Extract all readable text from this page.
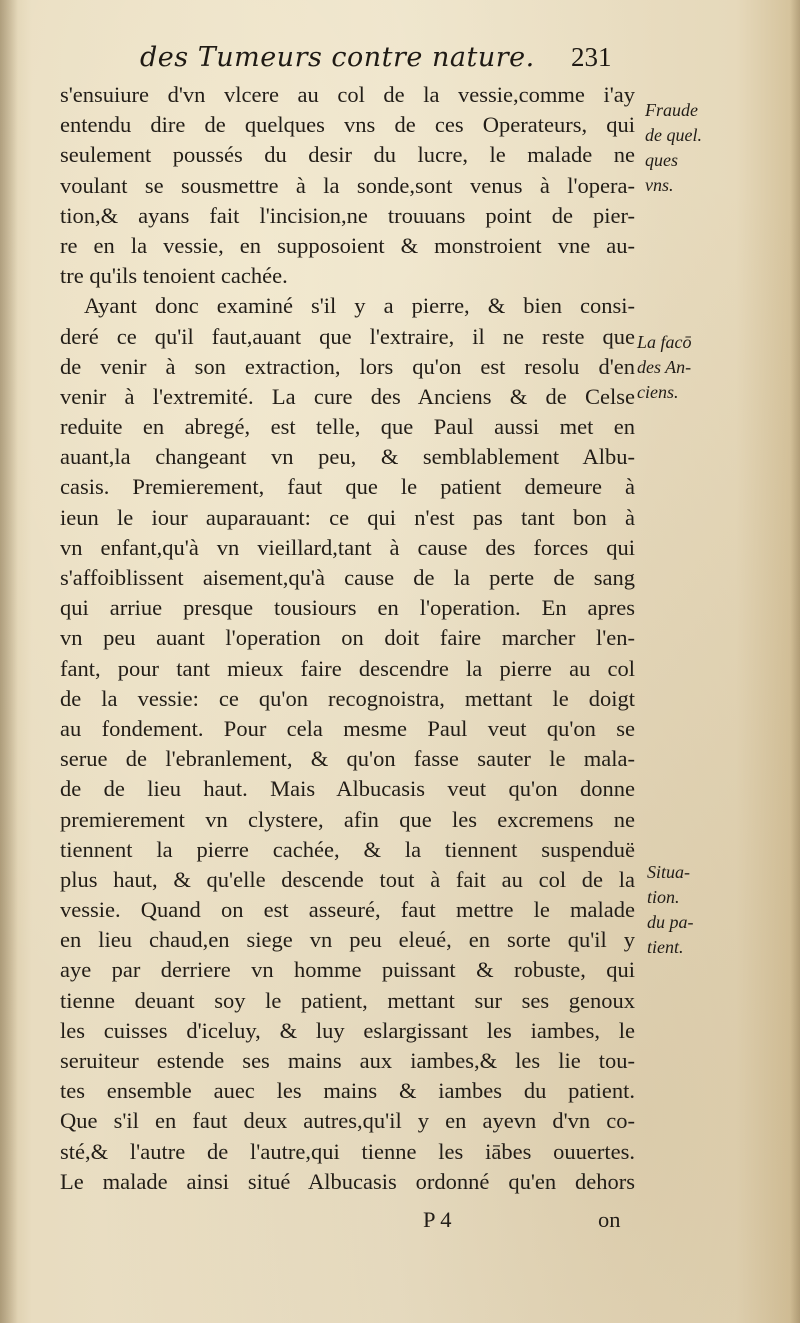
des Tumeurs contre nature. 231
s'ensuiure d'vn vlcere au col de la vessie,comme i'ay
entendu dire de quelques vns de ces Operateurs, qui
seulement poussés du desir du lucre, le malade ne
voulant se sousmettre à la sonde,sont venus à l'opera-
tion,& ayans fait l'incision,ne trouuans point de pier-
re en la vessie, en supposoient & monstroient vne au-
tre qu'ils tenoient cachée.
Ayant donc examiné s'il y a pierre, & bien consi-
deré ce qu'il faut,auant que l'extraire, il ne reste que
de venir à son extraction, lors qu'on est resolu d'en
venir à l'extremité. La cure des Anciens & de Celse
reduite en abregé, est telle, que Paul aussi met en
auant,la changeant vn peu, & semblablement Albu-
casis. Premierement, faut que le patient demeure à
ieun le iour auparauant: ce qui n'est pas tant bon à
vn enfant,qu'à vn vieillard,tant à cause des forces qui
s'affoiblissent aisement,qu'à cause de la perte de sang
qui arriue presque tousiours en l'operation. En apres
vn peu auant l'operation on doit faire marcher l'en-
fant, pour tant mieux faire descendre la pierre au col
de la vessie: ce qu'on recognoistra, mettant le doigt
au fondement. Pour cela mesme Paul veut qu'on se
serue de l'ebranlement, & qu'on fasse sauter le mala-
de de lieu haut. Mais Albucasis veut qu'on donne
premierement vn clystere, afin que les excremens ne
tiennent la pierre cachée, & la tiennent suspenduë
plus haut, & qu'elle descende tout à fait au col de la
vessie. Quand on est asseuré, faut mettre le malade
en lieu chaud,en siege vn peu eleué, en sorte qu'il y
aye par derriere vn homme puissant & robuste, qui
tienne deuant soy le patient, mettant sur ses genoux
les cuisses d'iceluy, & luy eslargissant les iambes, le
seruiteur estende ses mains aux iambes,& les lie tou-
tes ensemble auec les mains & iambes du patient.
Que s'il en faut deux autres,qu'il y en ayevn d'vn co-
sté,& l'autre de l'autre,qui tienne les iābes ouuertes.
Le malade ainsi situé Albucasis ordonné qu'en dehors
Fraude
de quel.
ques
vns.
La facō
des An-
ciens.
Situa-
tion.
du pa-
tient.
P 4	on
